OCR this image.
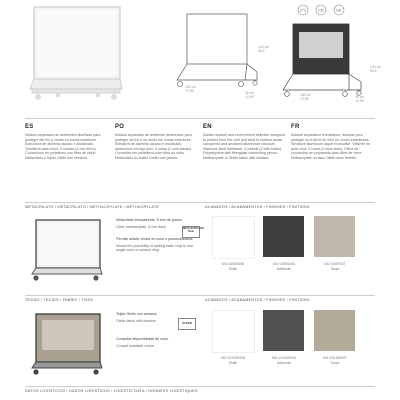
140 cm
55,1"
180 cm
70,86"	38 cm
14,96"
CE	UE
140 cm
55,1"
180 cm
70,86"	38 cm
14,96"
ES
Módulo separador de ambientes diseñado para proteger del frío y viento en zonas exteriores. Estructura de aluminio lacado o anodizado. Tornillería acero inox. 4 ruedas (2 con freno). Conexiones en polietileno con fibra de vidrio. Metacrilato o Tejido Olefin con ventana.
PO
Módulo separador de ambiente desenhado para proteger do frio e do vento em zonas exteriores. Estrutura de alumínio lacado e anodizado. Acessórios em aço inox. 4 rodas (2 com travão). Conexões em polietileno com fibra de vidro. Metacrilato ou tecido Olefin com janela.
EN
Divider module and environment delimiter designed to protect from the cold and wind in outdoor areas. Lacquered and anodized aluminium structure. Stainless steel hardware. 4 wheels (2 with brake). Polyethylene with fiberglass connecting pieces. Methacrylate or Olefin fabric with window.
FR
Module séparateur d'ambiance, dessiné pour protéger du froid et du vent en zones extérieures. Structure aluminium laqué et anodisé. Visserie en acier inox. 4 roues (2 avec frein). Pièce de connection en polyamide avec fibre de verre. Methacrylate ou tissu Olefin avec fenêtre.
METACRILATO / METACRILATO / METHACRYLATE / MÉTHACRYLATE	ACABADOS / ACABAMENTOS / FINISHES / FINITIONS
Metacrilato transparente, 5 mm de grosor.
Clear methacrylate, 5 mm thick.
Permite añadir vinilos en color o personalizados.
Allows the possibility of adding basic vinyl in one single color or custom vinyl.
METHACRYLATE 5mm
MO-V45ES00B
White
MO-V45ES00A
Anthracite
MO-V45ES00T
Taupe
TEJIDO / TECIDO / FABRIC / TISSU	ACABADOS / ACABAMENTOS / FINISHES / FINITIONS
Tejido Olefin con ventana.
Olefin fabric with window.
Consultar disponibilidad de color.
Consult available colors.
OLEFIN
MO-VO100E00B
White
MO-VO100E00A
Anthracite
MO-VO100E00T
Taupe
DATOS LOGÍSTICOS / DADOS LOGÍSTICOS / LOGISTIC DATA / DONNÉES LOGISTIQUES
